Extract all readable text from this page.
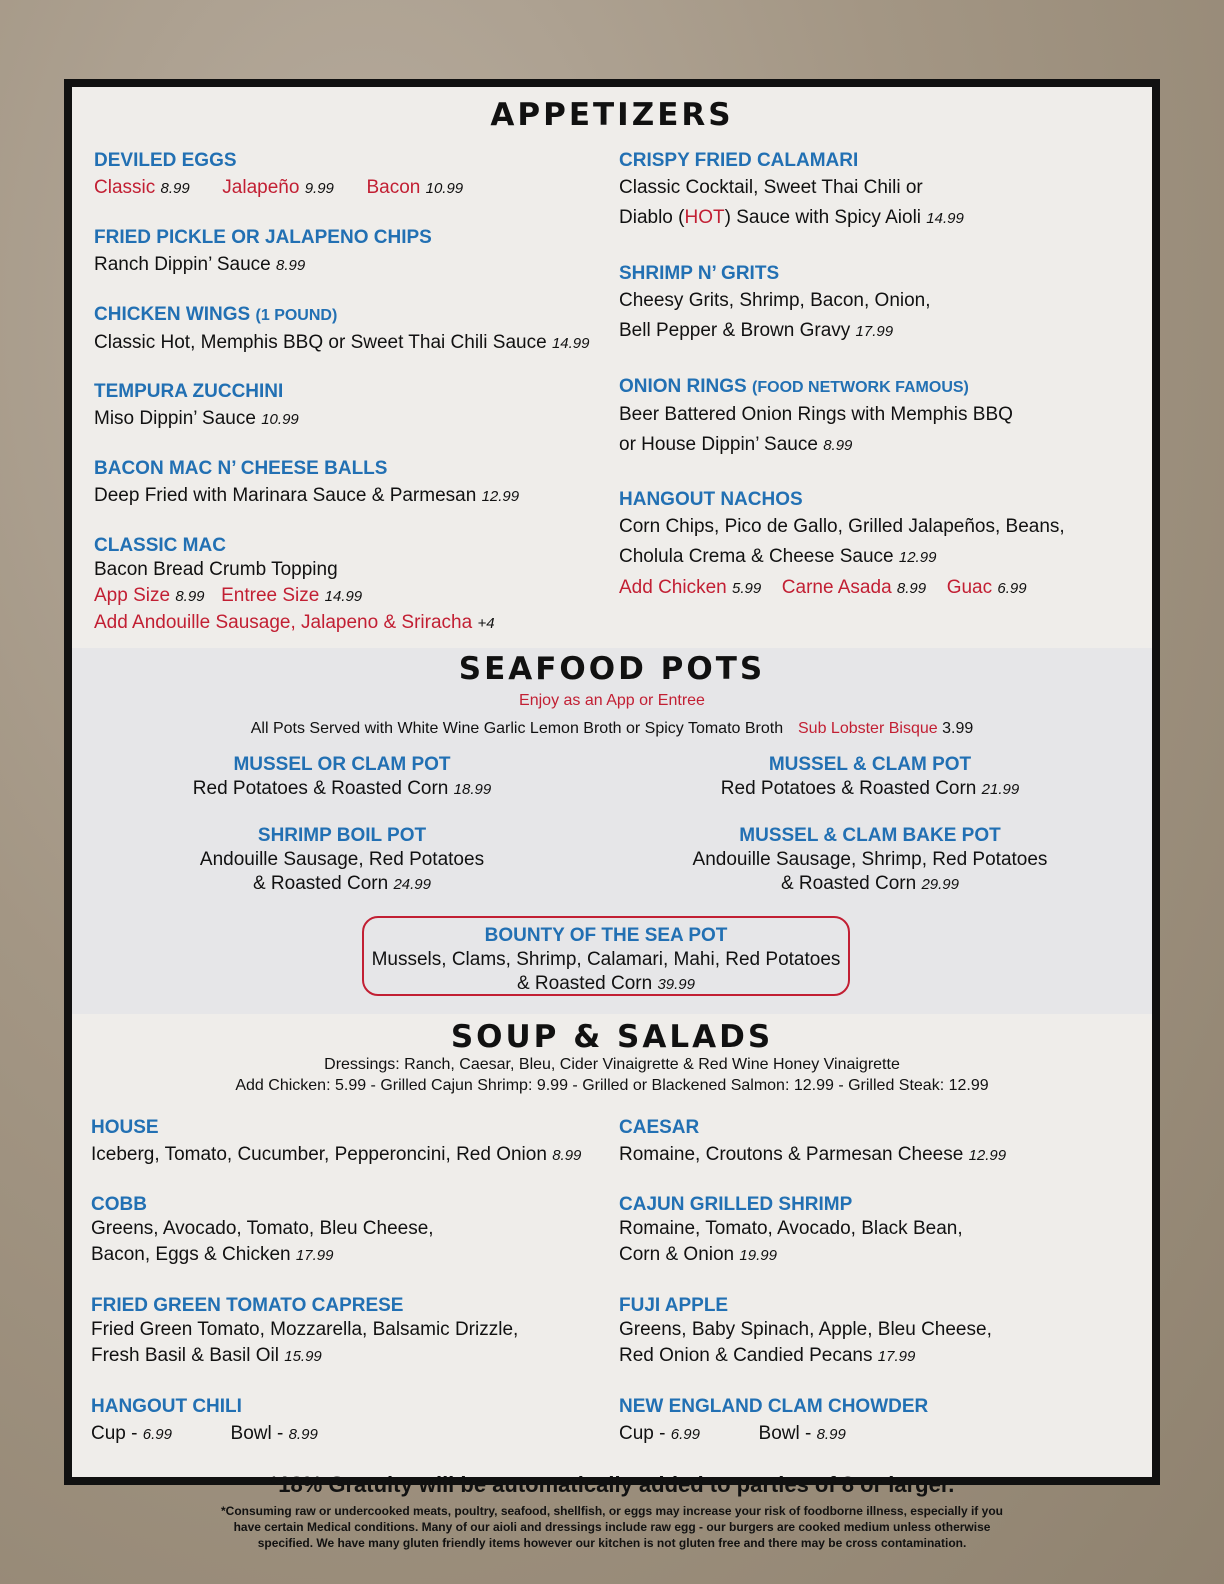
APPETIZERS
DEVILED EGGS
Classic 8.99 Jalapeño 9.99 Bacon 10.99
FRIED PICKLE OR JALAPENO CHIPS
Ranch Dippin’ Sauce 8.99
CHICKEN WINGS (1 POUND)
Classic Hot, Memphis BBQ or Sweet Thai Chili Sauce 14.99
TEMPURA ZUCCHINI
Miso Dippin’ Sauce 10.99
BACON MAC N’ CHEESE BALLS
Deep Fried with Marinara Sauce & Parmesan 12.99
CLASSIC MAC
Bacon Bread Crumb Topping
App Size 8.99 Entree Size 14.99
Add Andouille Sausage, Jalapeno & Sriracha +4
CRISPY FRIED CALAMARI
Classic Cocktail, Sweet Thai Chili or
Diablo (HOT) Sauce with Spicy Aioli 14.99
SHRIMP N’ GRITS
Cheesy Grits, Shrimp, Bacon, Onion,
Bell Pepper & Brown Gravy 17.99
ONION RINGS (FOOD NETWORK FAMOUS)
Beer Battered Onion Rings with Memphis BBQ
or House Dippin’ Sauce 8.99
HANGOUT NACHOS
Corn Chips, Pico de Gallo, Grilled Jalapeños, Beans,
Cholula Crema & Cheese Sauce 12.99
Add Chicken 5.99 Carne Asada 8.99 Guac 6.99
SEAFOOD POTS
Enjoy as an App or Entree
All Pots Served with White Wine Garlic Lemon Broth or Spicy Tomato Broth Sub Lobster Bisque 3.99
MUSSEL OR CLAM POT
Red Potatoes & Roasted Corn 18.99
MUSSEL & CLAM POT
Red Potatoes & Roasted Corn 21.99
SHRIMP BOIL POT
Andouille Sausage, Red Potatoes
& Roasted Corn 24.99
MUSSEL & CLAM BAKE POT
Andouille Sausage, Shrimp, Red Potatoes
& Roasted Corn 29.99
BOUNTY OF THE SEA POT
Mussels, Clams, Shrimp, Calamari, Mahi, Red Potatoes
& Roasted Corn 39.99
SOUP & SALADS
Dressings: Ranch, Caesar, Bleu, Cider Vinaigrette & Red Wine Honey Vinaigrette
Add Chicken: 5.99 - Grilled Cajun Shrimp: 9.99 - Grilled or Blackened Salmon: 12.99 - Grilled Steak: 12.99
HOUSE
Iceberg, Tomato, Cucumber, Pepperoncini, Red Onion 8.99
CAESAR
Romaine, Croutons & Parmesan Cheese 12.99
COBB
Greens, Avocado, Tomato, Bleu Cheese,
Bacon, Eggs & Chicken 17.99
CAJUN GRILLED SHRIMP
Romaine, Tomato, Avocado, Black Bean,
Corn & Onion 19.99
FRIED GREEN TOMATO CAPRESE
Fried Green Tomato, Mozzarella, Balsamic Drizzle,
Fresh Basil & Basil Oil 15.99
FUJI APPLE
Greens, Baby Spinach, Apple, Bleu Cheese,
Red Onion & Candied Pecans 17.99
HANGOUT CHILI
Cup - 6.99	Bowl - 8.99
NEW ENGLAND CLAM CHOWDER
Cup - 6.99	Bowl - 8.99
*18% Gratuity will be automatically added to parties of 8 or larger.
*Consuming raw or undercooked meats, poultry, seafood, shellfish, or eggs may increase your risk of foodborne illness, especially if you
have certain Medical conditions. Many of our aioli and dressings include raw egg - our burgers are cooked medium unless otherwise
specified. We have many gluten friendly items however our kitchen is not gluten free and there may be cross contamination.
